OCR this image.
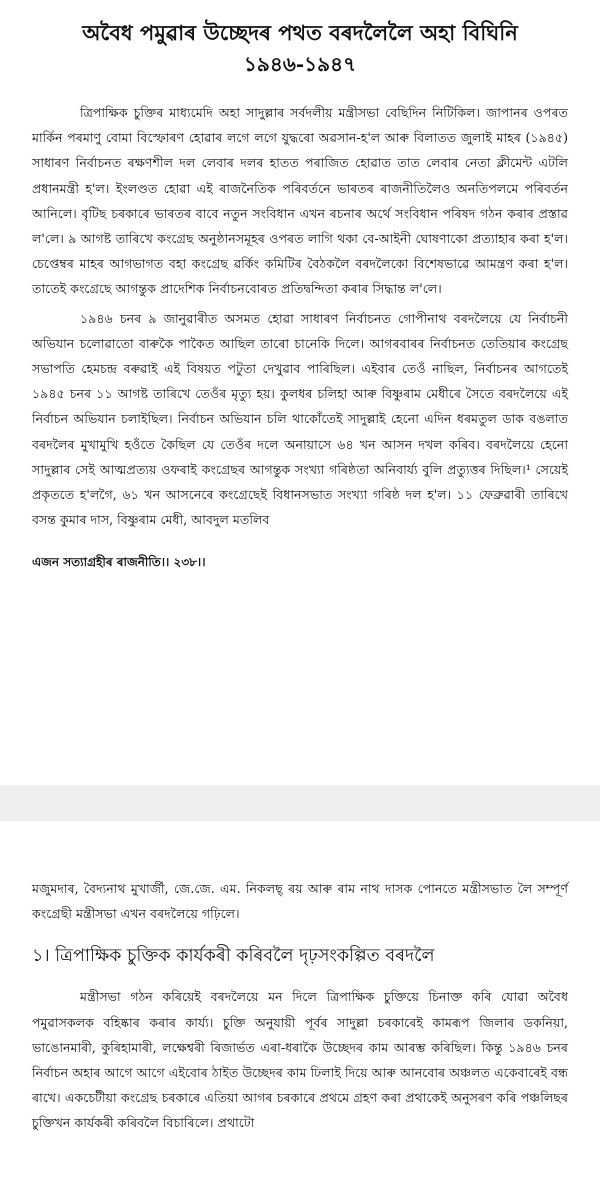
অবৈধ পমুৱাৰ উচ্ছেদৰ পথত বৰদলৈলৈ অহা বিঘিনি
১৯৪৬-১৯৪৭

ত্রিপাক্ষিক চুক্তিৰ মাধ্যমেদি অহা সাদুল্লাৰ সৰ্বদলীয় মন্ত্রীসভা বেছিদিন নিটিকিল। জাপানৰ ওপৰত মাৰ্কিন পৰমাণু বোমা বিস্ফোৰণ হোৱাৰ লগে লগে যুদ্ধৰো অৱসান-হ'ল আৰু বিলাতত জুলাই মাহৰ (১৯৪৫) সাধাৰণ নিৰ্বাচনত ৰক্ষণশীল দল লেবাৰ দলৰ হাতত পৰাজিত হোৱাত তাত লেবাৰ নেতা ক্লীমেন্ট এটলি প্রধানমন্ত্রী হ'ল। ইংলণ্ডত হোৱা এই ৰাজনৈতিক পৰিবৰ্তনে ভাৰতৰ ৰাজনীতিলৈও অনতিপলমে পৰিবৰ্তন আনিলে। বৃটিছ চৰকাৰে ভাৰতৰ বাবে নতুন সংবিধান এখন ৰচনাৰ অৰ্থে সংবিধান পৰিষদ গঠন কৰাৰ প্রস্তাৱ ল'লে। ৯ আগষ্ট তাৰিখে কংগ্ৰেছ অনুষ্ঠানসমূহৰ ওপৰত লাগি থকা বে-আইনী ঘোষণাকো প্রত্যাহাৰ কৰা হ'ল। চেপ্তেম্বৰ মাহৰ আগভাগত বহা কংগ্রেছ ৱৰ্কিং কমিটিৰ বৈঠকলৈ বৰদলৈকো বিশেষভাৱে আমন্ত্ৰণ কৰা হ'ল। তাতেই কংগ্ৰেছে আগন্তুক প্ৰাদেশিক নিৰ্বাচনবোৰত প্ৰতিদ্বন্দিতা কৰাৰ সিদ্ধান্ত ল'লে।

১৯৪৬ চনৰ ৯ জানুৱাৰীত অসমত হোৱা সাধাৰণ নিৰ্বাচনত গোপীনাথ বৰদলৈয়ে যে নিৰ্বাচনী অভিযান চলোৱাতো বাৰুকৈ পাকৈত আছিল তাৰো চানেকি দিলে। আগৰবাৰৰ নিৰ্বাচনত তেতিয়াৰ কংগ্ৰেছ সভাপতি হেমচন্দ্ৰ বৰুৱাই এই বিষয়ত পটুতা দেখুৱাব পাৰিছিল। এইবাৰ তেওঁ নাছিল, নিৰ্বাচনৰ আগতেই ১৯৪৫ চনৰ ১১ আগষ্ট তাৰিখে তেওঁৰ মৃত্যু হয়। কুলধৰ চলিহা আৰু বিষ্ণুৰাম মেধীৰে সৈতে বৰদলৈয়ে এই নিৰ্বাচন অভিযান চলাইছিল। নিৰ্বাচন অভিযান চলি থাকোঁতেই সাদুল্লাই হেনো এদিন ধৰমতুল ডাক বঙলাত বৰদলৈৰ মুখামুখি হওঁতে কৈছিল যে তেওঁৰ দলে অনায়াসে ৬৪ খন আসন দখল কৰিব। বৰদলৈয়ে হেনো সাদুল্লাৰ সেই আত্মপ্ৰত্যয় ওফৰাই কংগ্ৰেছৰ আগন্তুক সংখ্যা গৰিষ্ঠতা অনিবাৰ্য্য বুলি প্ৰত্যুত্তৰ দিছিল।¹ সেয়েই প্ৰকৃততে হ'লগৈ, ৬১ খন আসনেৰে কংগ্ৰেছেই বিধানসভাত সংখ্যা গৰিষ্ঠ দল হ'ল। ১১ ফেব্ৰুৱাৰী তাৰিখে বসন্ত কুমাৰ দাস, বিষ্ণুৰাম মেধী, আবদুল মতলিব

এজন সত্যাগ্ৰহীৰ ৰাজনীতি।। ২৩৮।।

মজুমদাৰ, বৈদ্যনাথ মুখাৰ্জী, জে.জে. এম. নিকলছ্ ৰয় আৰু ৰাম নাথ দাসক পোনতে মন্ত্ৰীসভাত লৈ সম্পূৰ্ণ কংগ্ৰেছী মন্ত্ৰীসভা এখন বৰদলৈয়ে গঢ়িলে।

১। ত্রিপাক্ষিক চুক্তিক কাৰ্যকৰী কৰিবলৈ দৃঢ়সংকল্পিত বৰদলৈ

মন্ত্ৰীসভা গঠন কৰিয়েই বৰদলৈয়ে মন দিলে ত্রিপাক্ষিক চুক্তিয়ে চিনাক্ত কৰি যোৱা অবৈধ পমুৱাসকলক বহিষ্কাৰ কৰাৰ কাৰ্য্য। চুক্তি অনুযায়ী পূৰ্বৰ সাদুল্লা চৰকাৰেই কামৰূপ জিলাৰ ডকনিয়া, ভাঙোনমাৰী, কুৰিহামাৰী, লক্ষেশ্বৰী ৰিজাৰ্ভত এৰা-ধৰাকৈ উচ্ছেদৰ কাম আৰম্ভ কৰিছিল। কিন্তু ১৯৪৬ চনৰ নিৰ্বাচন অহাৰ আগে আগে এইবোৰ ঠাইত উচ্ছেদৰ কাম ঢিলাই দিয়ে আৰু আনবোৰ অঞ্চলত একেবাৰেই বন্ধ ৰাখে। একচেটীয়া কংগ্ৰেছ চৰকাৰে এতিয়া আগৰ চৰকাৰে প্ৰথমে গ্ৰহণ কৰা প্ৰথাকেই অনুসৰণ কৰি পঞ্চলিছৰ চুক্তিখন কাৰ্যকৰী কৰিবলৈ বিচাৰিলে। প্ৰথাটো
